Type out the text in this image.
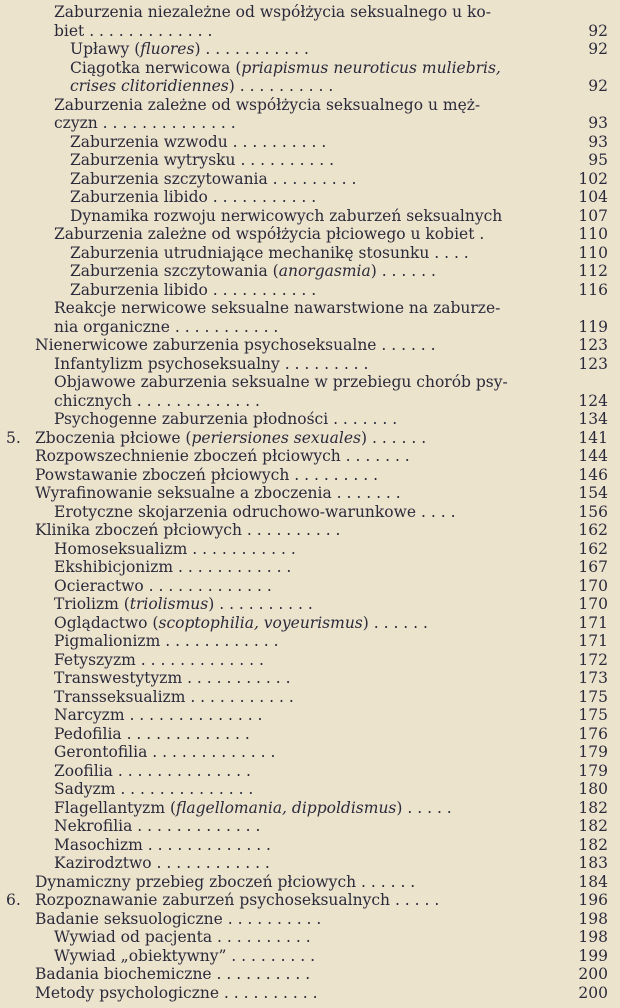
Zaburzenia niezależne od współżycia seksualnego u ko-
biet . . . . . . . . . . . . .	92
Upławy (fluores) . . . . . . . . . . .	92
Ciągotka nerwicowa (priapismus neuroticus muliebris,
crises clitoridiennes) . . . . . . . . . .	92
Zaburzenia zależne od współżycia seksualnego u męż-
czyzn . . . . . . . . . . . . . .	93
Zaburzenia wzwodu . . . . . . . . . .	93
Zaburzenia wytrysku . . . . . . . . . .	95
Zaburzenia szczytowania . . . . . . . . .	102
Zaburzenia libido . . . . . . . . . . .	104
Dynamika rozwoju nerwicowych zaburzeń seksualnych	107
Zaburzenia zależne od współżycia płciowego u kobiet .	110
Zaburzenia utrudniające mechanikę stosunku . . . .	110
Zaburzenia szczytowania (anorgasmia) . . . . . .	112
Zaburzenia libido . . . . . . . . . . .	116
Reakcje nerwicowe seksualne nawarstwione na zaburze-
nia organiczne . . . . . . . . . . .	119
Nienerwicowe zaburzenia psychoseksualne . . . . . .	123
Infantylizm psychoseksualny . . . . . . . . .	123
Objawowe zaburzenia seksualne w przebiegu chorób psy-
chicznych . . . . . . . . . . . . .	124
Psychogenne zaburzenia płodności . . . . . . .	134
5. Zboczenia płciowe (periersiones sexuales) . . . . . .	141
Rozpowszechnienie zboczeń płciowych . . . . . . .	144
Powstawanie zboczeń płciowych . . . . . . . . .	146
Wyrafinowanie seksualne a zboczenia . . . . . . .	154
Erotyczne skojarzenia odruchowo-warunkowe . . . .	156
Klinika zboczeń płciowych . . . . . . . . . .	162
Homoseksualizm . . . . . . . . . . .	162
Ekshibicjonizm . . . . . . . . . . . .	167
Ocieractwo . . . . . . . . . . . . .	170
Triolizm (triolismus) . . . . . . . . . .	170
Oglądactwo (scoptophilia, voyeurismus) . . . . . .	171
Pigmalionizm . . . . . . . . . . . .	171
Fetyszyzm . . . . . . . . . . . . .	172
Transwestytyzm . . . . . . . . . . .	173
Transseksualizm . . . . . . . . . . .	175
Narcyzm . . . . . . . . . . . . . .	175
Pedofilia . . . . . . . . . . . . .	176
Gerontofilia . . . . . . . . . . . . .	179
Zoofilia . . . . . . . . . . . . . .	179
Sadyzm . . . . . . . . . . . . . .	180
Flagellantyzm (flagellomania, dippoldismus) . . . . .	182
Nekrofilia . . . . . . . . . . . . .	182
Masochizm . . . . . . . . . . . . .	182
Kazirodztwo . . . . . . . . . . . .	183
Dynamiczny przebieg zboczeń płciowych . . . . . .	184
6. Rozpoznawanie zaburzeń psychoseksualnych . . . . .	196
Badanie seksuologiczne . . . . . . . . . .	198
Wywiad od pacjenta . . . . . . . . . .	198
Wywiad „obiektywny” . . . . . . . . .	199
Badania biochemiczne . . . . . . . . . .	200
Metody psychologiczne . . . . . . . . . .	200
